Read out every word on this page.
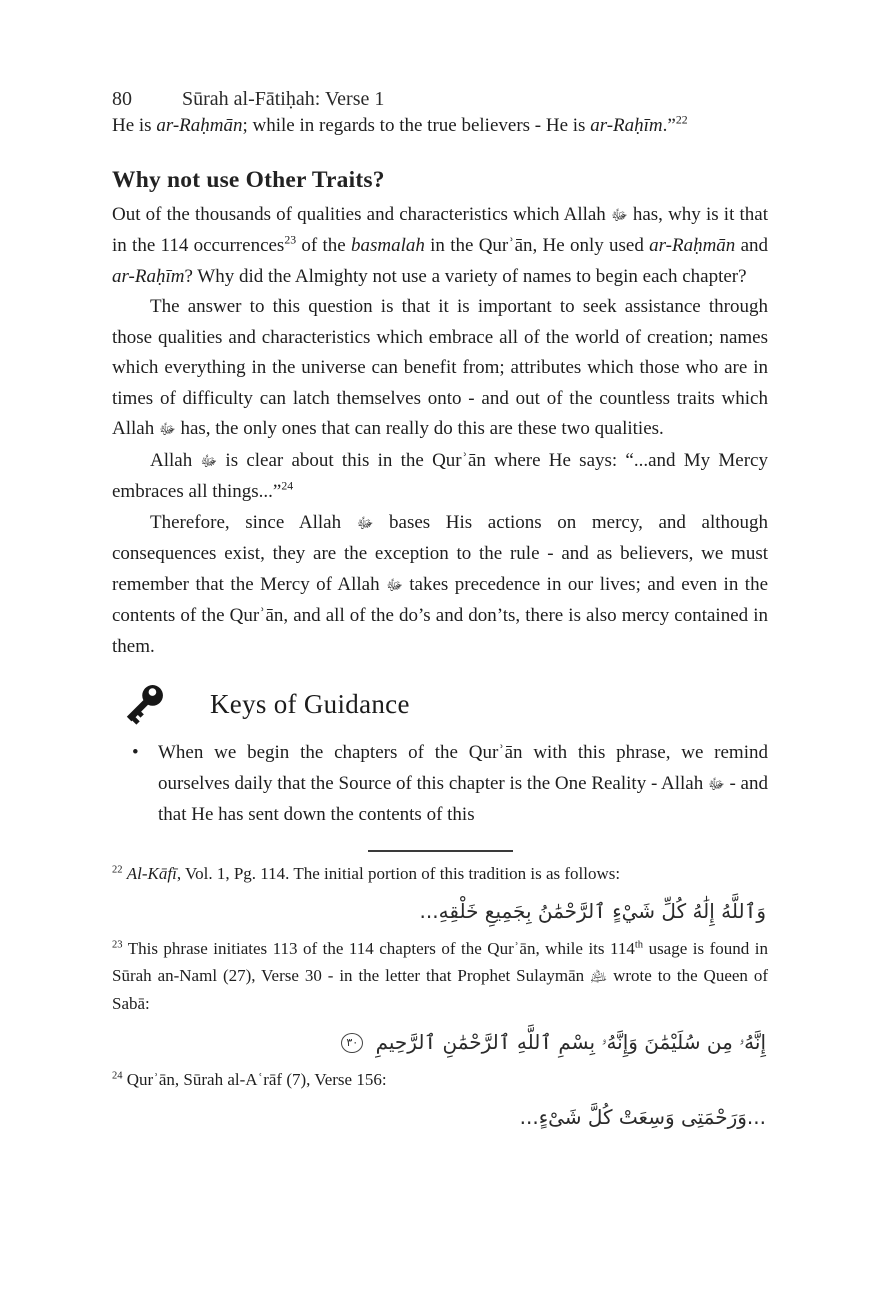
80	Sūrah al-Fātiḥah: Verse 1

He is ar-Raḥmān; while in regards to the true believers - He is ar-Raḥīm.”$^{22}$

Why not use Other Traits?

Out of the thousands of qualities and characteristics which Allah ﷻ has, why is it that in the 114 occurrences$^{23}$ of the basmalah in the Qurʾān, He only used ar-Raḥmān and ar-Raḥīm? Why did the Almighty not use a variety of names to begin each chapter?

The answer to this question is that it is important to seek assistance through those qualities and characteristics which embrace all of the world of creation; names which everything in the universe can benefit from; attributes which those who are in times of difficulty can latch themselves onto - and out of the countless traits which Allah ﷻ has, the only ones that can really do this are these two qualities.

Allah ﷻ is clear about this in the Qurʾān where He says: “...and My Mercy embraces all things...”$^{24}$

Therefore, since Allah ﷻ bases His actions on mercy, and although consequences exist, they are the exception to the rule - and as believers, we must remember that the Mercy of Allah ﷻ takes precedence in our lives; and even in the contents of the Qurʾān, and all of the do’s and don’ts, there is also mercy contained in them.

Keys of Guidance
• When we begin the chapters of the Qurʾān with this phrase, we remind ourselves daily that the Source of this chapter is the One Reality - Allah ﷻ - and that He has sent down the contents of this

$^{22}$ Al-Kāfī, Vol. 1, Pg. 114. The initial portion of this tradition is as follows:

وَٱللَّهُ إِلَٰهُ كُلِّ شَيْءٍ ٱلرَّحْمَٰنُ بِجَمِيعِ خَلْقِهِ...

$^{23}$ This phrase initiates 113 of the 114 chapters of the Qurʾān, while its 114th usage is found in Sūrah an-Naml (27), Verse 30 - in the letter that Prophet Sulaymān ﵇ wrote to the Queen of Sabā:

إِنَّهُۥ مِن سُلَيْمَٰنَ وَإِنَّهُۥ بِسْمِ ٱللَّهِ ٱلرَّحْمَٰنِ ٱلرَّحِيمِ ٣٠

$^{24}$ Qurʾān, Sūrah al-Aʿrāf (7), Verse 156:

...وَرَحْمَتِى وَسِعَتْ كُلَّ شَىْءٍ...
